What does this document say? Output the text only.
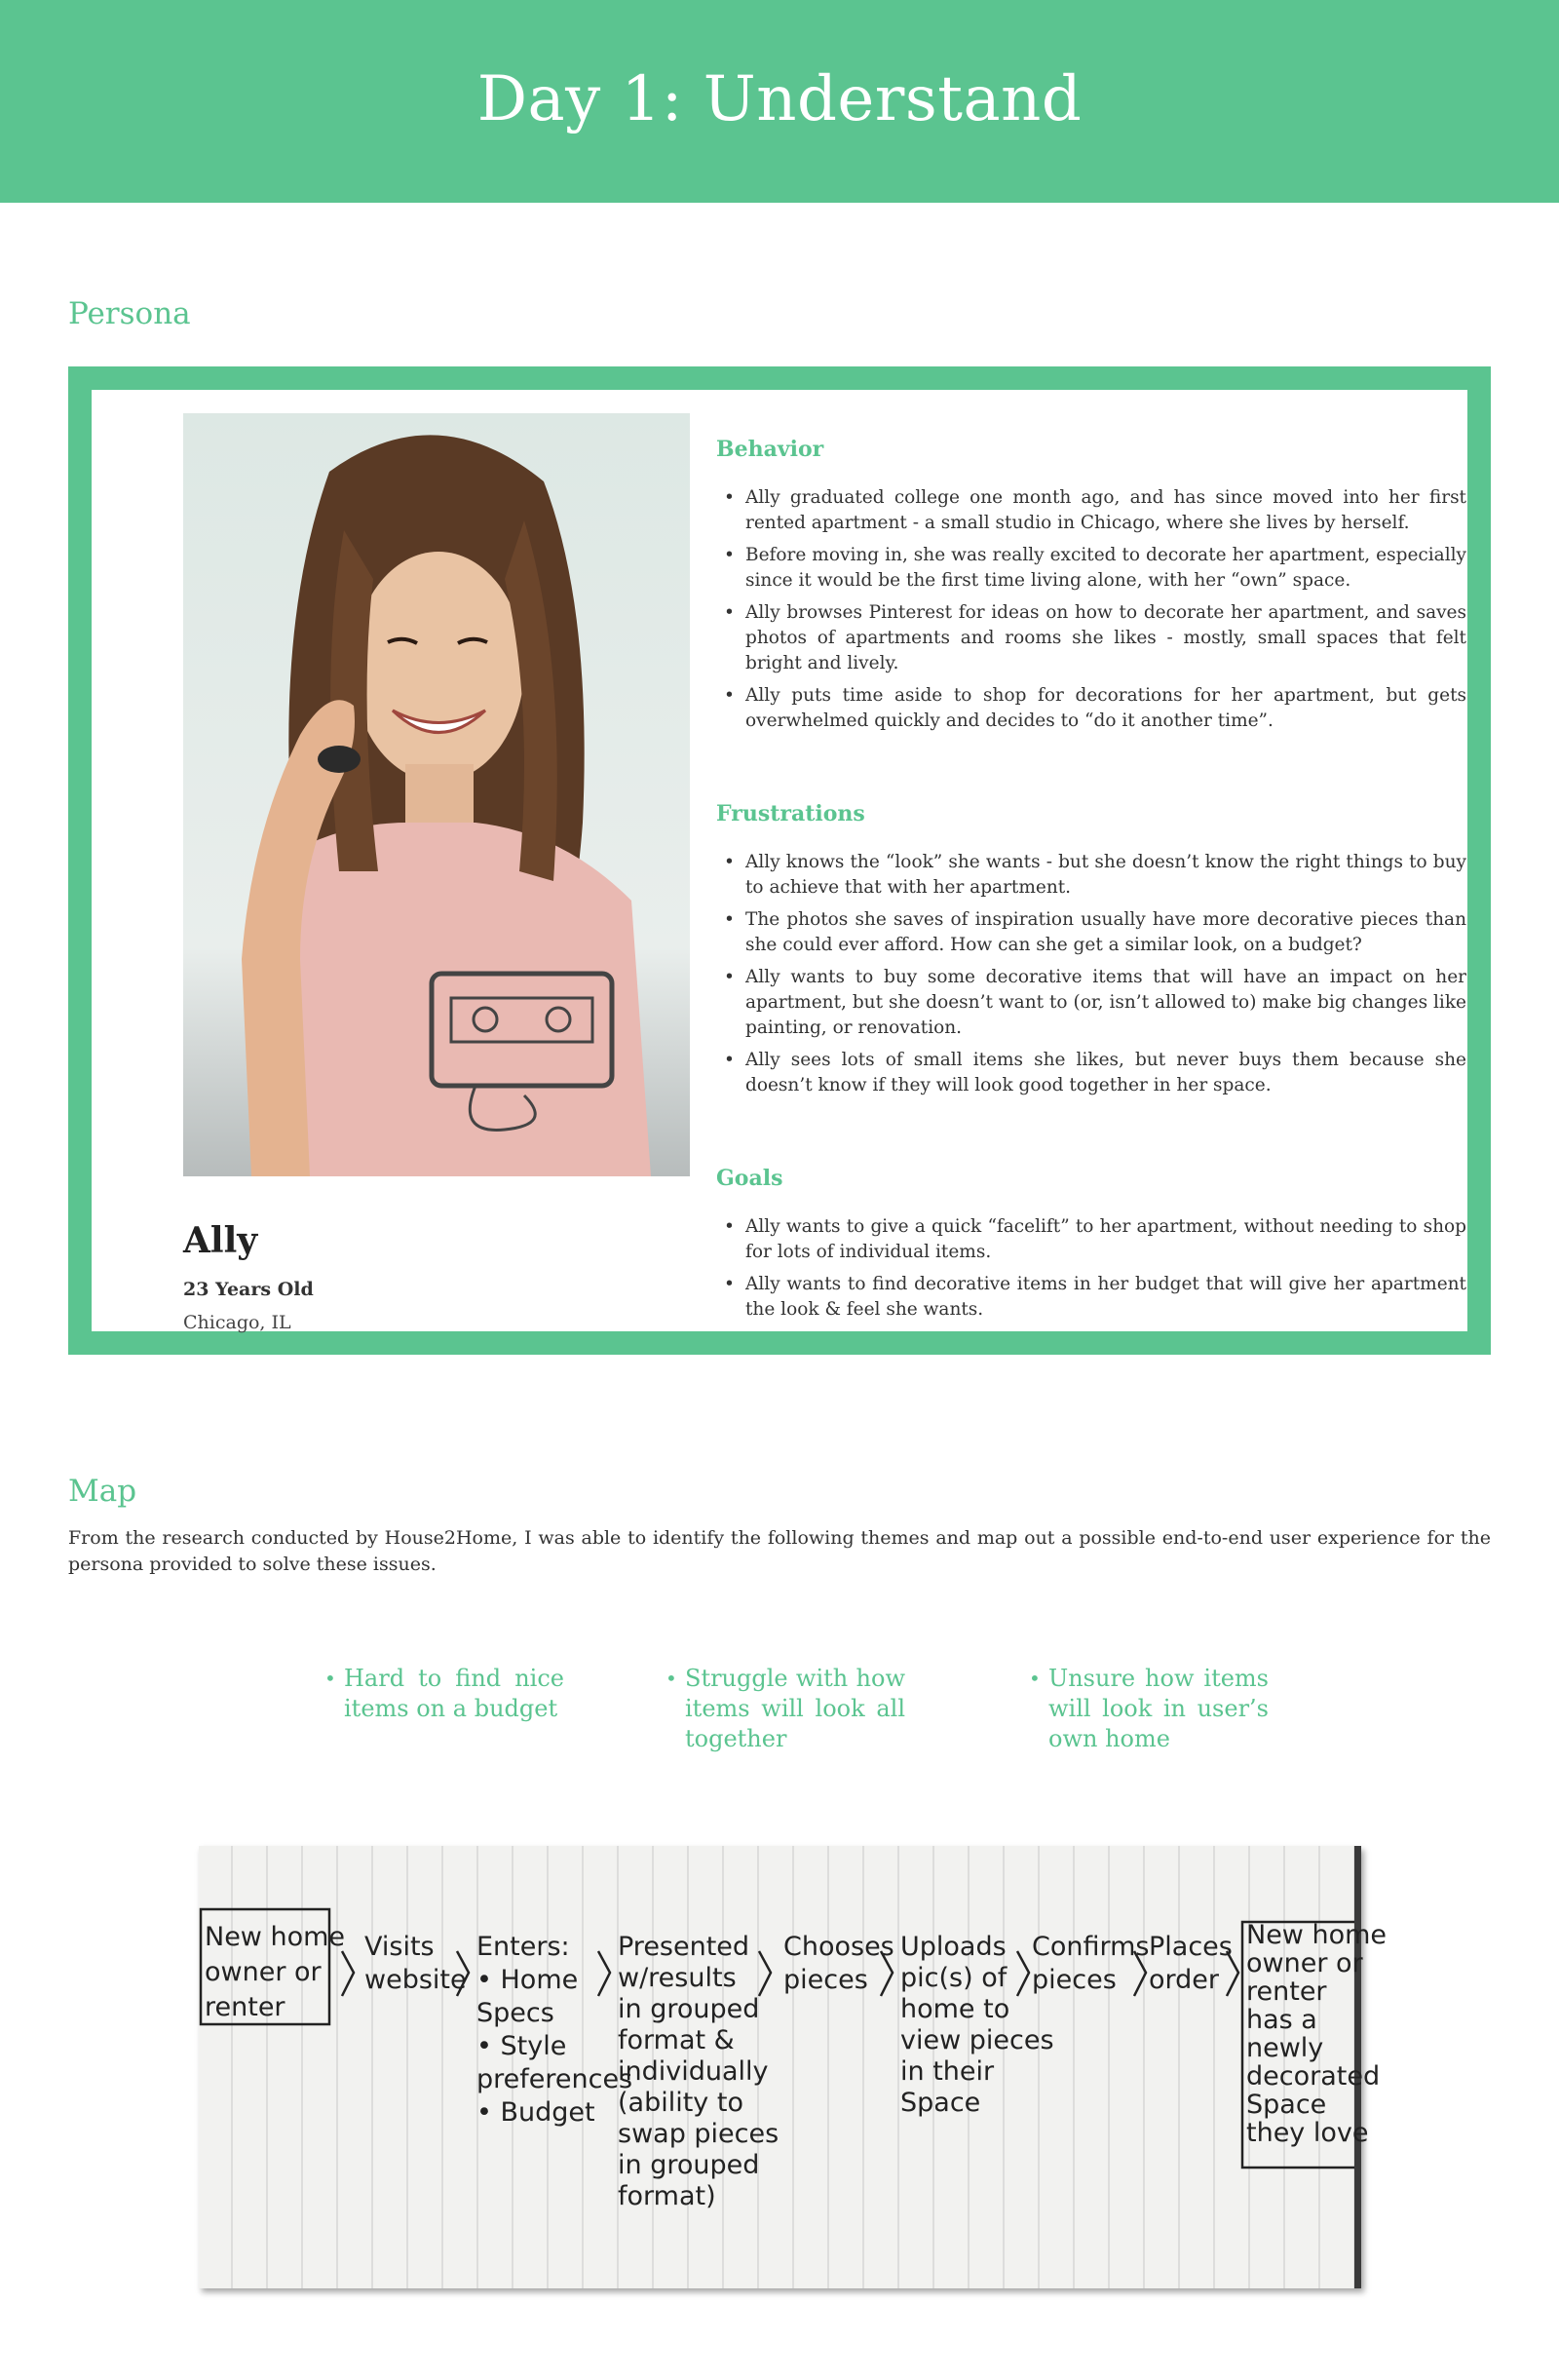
Day 1: Understand
Persona
Ally
23 Years Old
Chicago, IL
Behavior
• Ally graduated college one month ago, and has since moved into her first rented apartment - a small studio in Chicago, where she lives by herself.
• Before moving in, she was really excited to decorate her apartment, especially since it would be the first time living alone, with her “own” space.
• Ally browses Pinterest for ideas on how to decorate her apartment, and saves photos of apartments and rooms she likes - mostly, small spaces that felt bright and lively.
• Ally puts time aside to shop for decorations for her apartment, but gets overwhelmed quickly and decides to “do it another time”.
Frustrations
• Ally knows the “look” she wants - but she doesn’t know the right things to buy to achieve that with her apartment.
• The photos she saves of inspiration usually have more decorative pieces than she could ever afford. How can she get a similar look, on a budget?
• Ally wants to buy some decorative items that will have an impact on her apartment, but she doesn’t want to (or, isn’t allowed to) make big changes like painting, or renovation.
• Ally sees lots of small items she likes, but never buys them because she doesn’t know if they will look good together in her space.
Goals
• Ally wants to give a quick “facelift” to her apartment, without needing to shop for lots of individual items.
• Ally wants to find decorative items in her budget that will give her apartment the look & feel she wants.
Map

From the research conducted by House2Home, I was able to identify the following themes and map out a possible end-to-end user experience for the persona provided to solve these issues.

• Hard to find nice items on a budget
• Struggle with how items will look all together
• Unsure how items will look in user’s own home
New home
owner or
renter
Visits
website
Enters:
• Home
Specs
• Style
preferences
• Budget
Presented
w/results
in grouped
format &
individually
(ability to
swap pieces
in grouped
format)
Chooses
pieces
Uploads
pic(s) of
home to
view pieces
in their
Space
Confirms
pieces
Places
order
New home
owner or
renter
has a
newly
decorated
Space
they love
